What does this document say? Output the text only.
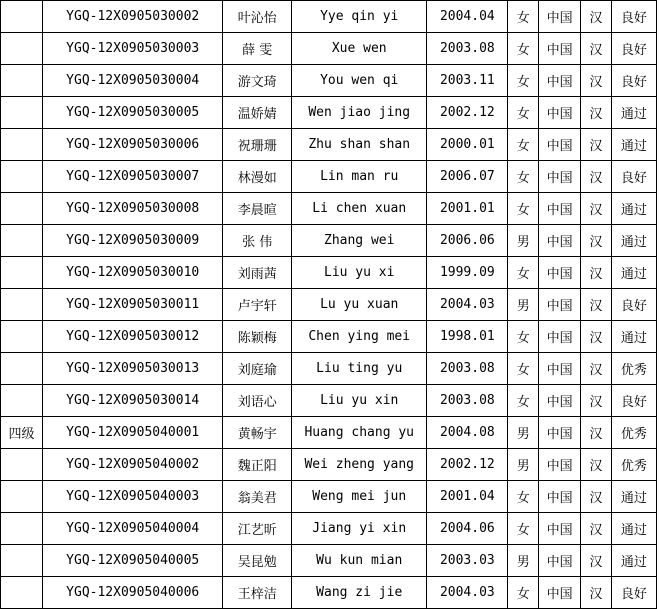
	YGQ-12X0905030002	叶沁怡	Yye qin yi	2004.04	女	中国	汉	良好
	YGQ-12X0905030003	薛 雯	Xue wen	2003.08	女	中国	汉	良好
	YGQ-12X0905030004	游文琦	You wen qi	2003.11	女	中国	汉	良好
	YGQ-12X0905030005	温娇婧	Wen jiao jing	2002.12	女	中国	汉	通过
	YGQ-12X0905030006	祝珊珊	Zhu shan shan	2000.01	女	中国	汉	通过
	YGQ-12X0905030007	林漫如	Lin man ru	2006.07	女	中国	汉	良好
	YGQ-12X0905030008	李晨暄	Li chen xuan	2001.01	女	中国	汉	通过
	YGQ-12X0905030009	张 伟	Zhang wei	2006.06	男	中国	汉	通过
	YGQ-12X0905030010	刘雨茜	Liu yu xi	1999.09	女	中国	汉	通过
	YGQ-12X0905030011	卢宇轩	Lu yu xuan	2004.03	男	中国	汉	良好
	YGQ-12X0905030012	陈颖梅	Chen ying mei	1998.01	女	中国	汉	通过
	YGQ-12X0905030013	刘庭瑜	Liu ting yu	2003.08	女	中国	汉	优秀
	YGQ-12X0905030014	刘语心	Liu yu xin	2003.08	女	中国	汉	良好
四级	YGQ-12X0905040001	黄畅宇	Huang chang yu	2004.08	男	中国	汉	优秀
	YGQ-12X0905040002	魏正阳	Wei zheng yang	2002.12	男	中国	汉	优秀
	YGQ-12X0905040003	翁美君	Weng mei jun	2001.04	女	中国	汉	通过
	YGQ-12X0905040004	江艺昕	Jiang yi xin	2004.06	女	中国	汉	通过
	YGQ-12X0905040005	吴昆勉	Wu kun mian	2003.03	男	中国	汉	通过
	YGQ-12X0905040006	王梓洁	Wang zi jie	2004.03	女	中国	汉	良好
